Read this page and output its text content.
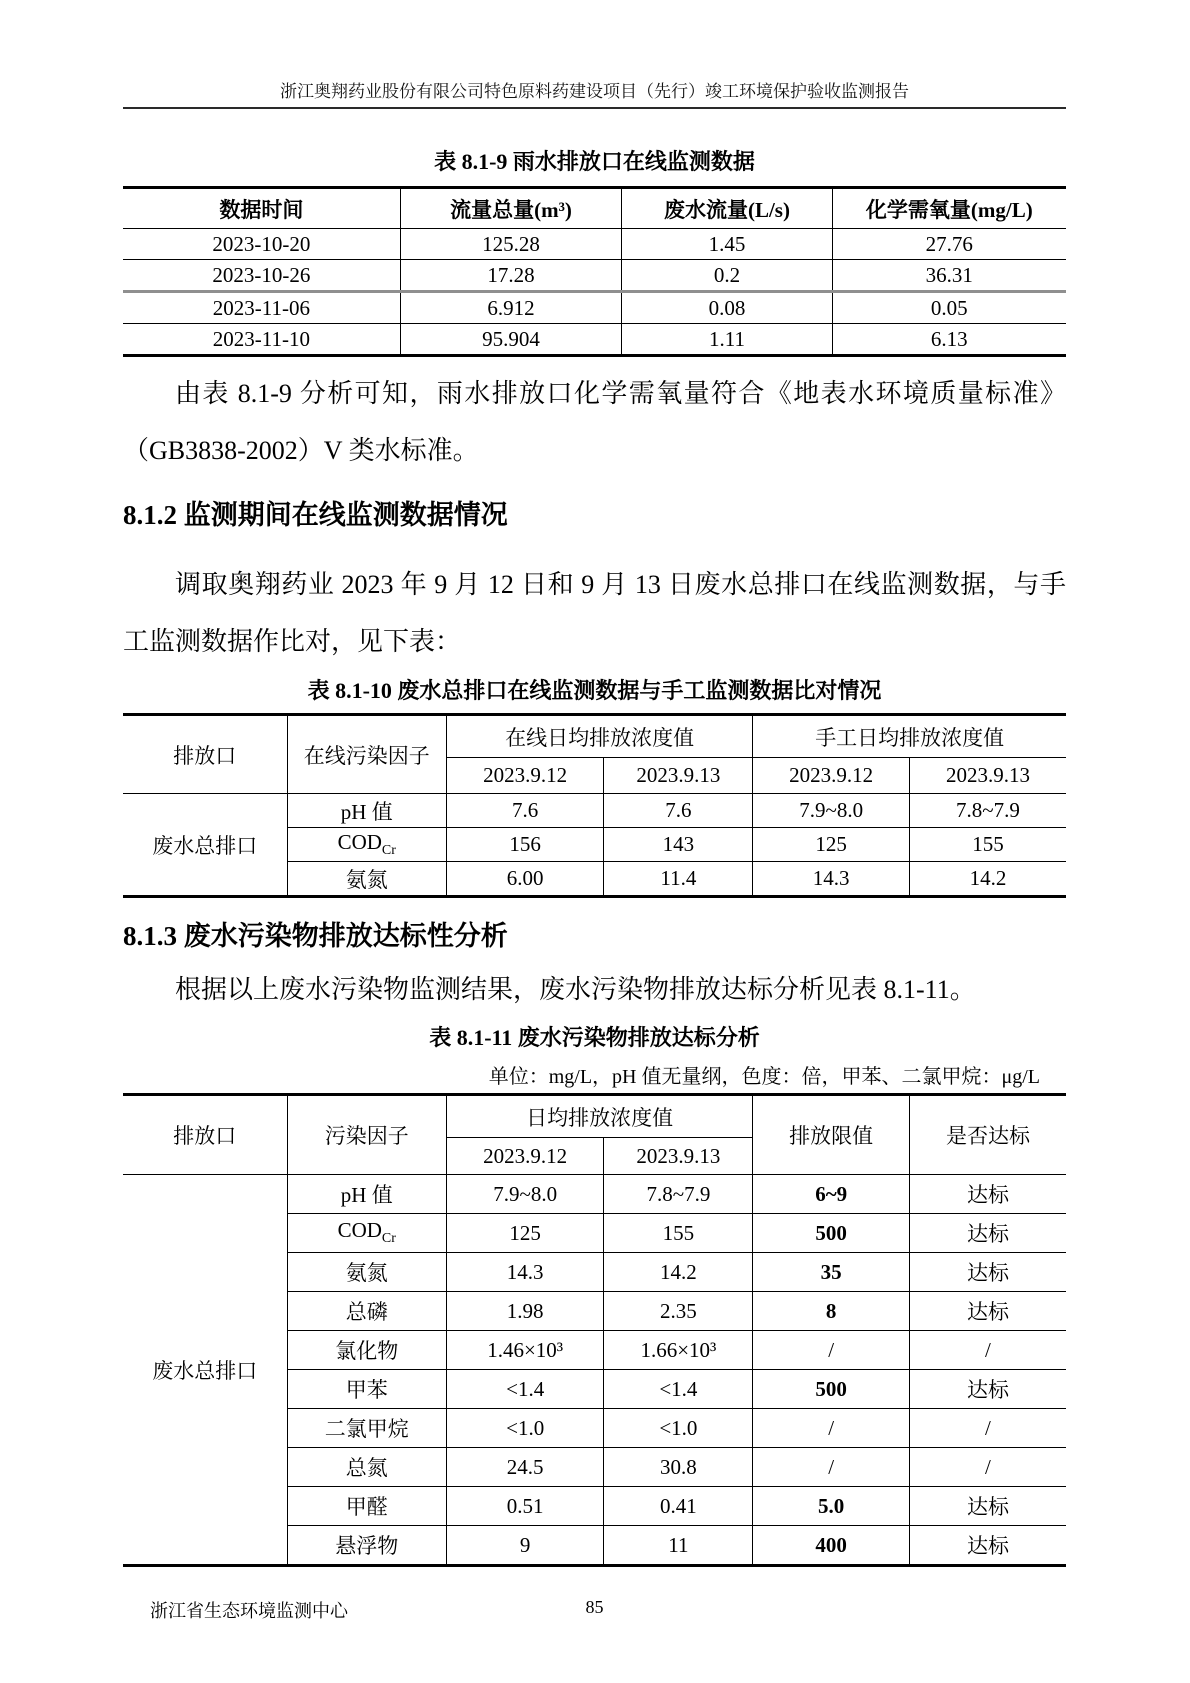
浙江奥翔药业股份有限公司特色原料药建设项目（先行）竣工环境保护验收监测报告
表 8.1-9 雨水排放口在线监测数据
数据时间	流量总量(m³)	废水流量(L/s)	化学需氧量(mg/L)
2023-10-20	125.28	1.45	27.76
2023-10-26	17.28	0.2	36.31
2023-11-06	6.912	0.08	0.05
2023-11-10	95.904	1.11	6.13
由表 8.1-9 分析可知，雨水排放口化学需氧量符合《地表水环境质量标准》（GB3838-2002）V 类水标准。
8.1.2 监测期间在线监测数据情况
调取奥翔药业 2023 年 9 月 12 日和 9 月 13 日废水总排口在线监测数据，与手工监测数据作比对，见下表：
表 8.1-10 废水总排口在线监测数据与手工监测数据比对情况
排放口	在线污染因子	在线日均排放浓度值		手工日均排放浓度值	
		2023.9.12	2023.9.13	2023.9.12	2023.9.13
废水总排口	pH 值	7.6	7.6	7.9~8.0	7.8~7.9
	$COD_{Cr}$	156	143	125	155
	氨氮	6.00	11.4	14.3	14.2
8.1.3 废水污染物排放达标性分析
根据以上废水污染物监测结果，废水污染物排放达标分析见表 8.1-11。
表 8.1-11 废水污染物排放达标分析
单位：mg/L，pH 值无量纲，色度：倍，甲苯、二氯甲烷：μg/L
排放口	污染因子	日均排放浓度值		排放限值	是否达标
		2023.9.12	2023.9.13		
废水总排口	pH 值	7.9~8.0	7.8~7.9	6~9	达标
	$COD_{Cr}$	125	155	500	达标
	氨氮	14.3	14.2	35	达标
	总磷	1.98	2.35	8	达标
	氯化物	1.46×10³	1.66×10³	/	/
	甲苯	<1.4	<1.4	500	达标
	二氯甲烷	<1.0	<1.0	/	/
	总氮	24.5	30.8	/	/
	甲醛	0.51	0.41	5.0	达标
	悬浮物	9	11	400	达标
浙江省生态环境监测中心	85
